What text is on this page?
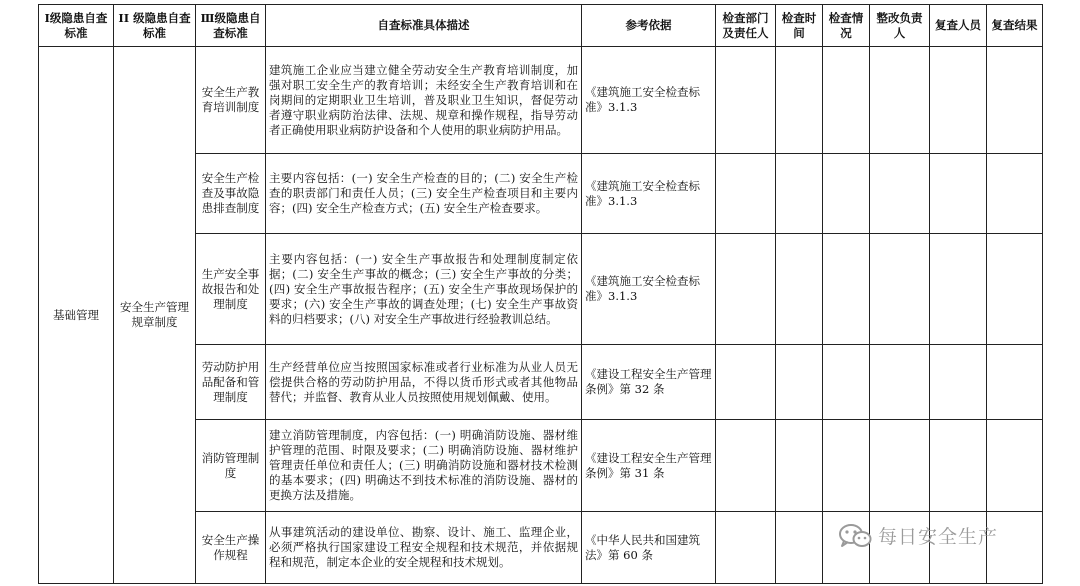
Ⅰ级隐患自查标准	II 级隐患自查标准	Ⅲ级隐患自查标准	自查标准具体描述	参考依据	检查部门及责任人	检查时间	检查情况	整改负责人	复查人员	复查结果
基础管理	安全生产管理规章制度	安全生产教育培训制度	建筑施工企业应当建立健全劳动安全生产教育培训制度，加强对职工安全生产的教育培训；未经安全生产教育培训和在岗期间的定期职业卫生培训，普及职业卫生知识，督促劳动者遵守职业病防治法律、法规、规章和操作规程，指导劳动者正确使用职业病防护设备和个人使用的职业病防护用品。	《建筑施工安全检查标准》3.1.3						
		安全生产检查及事故隐患排查制度	主要内容包括：(一) 安全生产检查的目的；(二) 安全生产检查的职责部门和责任人员；(三) 安全生产检查项目和主要内容；(四) 安全生产检查方式；(五) 安全生产检查要求。	《建筑施工安全检查标准》3.1.3						
		生产安全事故报告和处理制度	主要内容包括：(一) 安全生产事故报告和处理制度制定依据；(二) 安全生产事故的概念；(三) 安全生产事故的分类；(四) 安全生产事故报告程序；(五) 安全生产事故现场保护的要求；(六) 安全生产事故的调查处理；(七) 安全生产事故资料的归档要求；(八) 对安全生产事故进行经验教训总结。	《建筑施工安全检查标准》3.1.3						
		劳动防护用品配备和管理制度	生产经营单位应当按照国家标准或者行业标准为从业人员无偿提供合格的劳动防护用品，不得以货币形式或者其他物品替代；并监督、教育从业人员按照使用规划佩戴、使用。	《建设工程安全生产管理条例》第 32 条						
		消防管理制度	建立消防管理制度，内容包括：(一) 明确消防设施、器材维护管理的范围、时限及要求；(二) 明确消防设施、器材维护管理责任单位和责任人；(三) 明确消防设施和器材技术检测的基本要求；(四) 明确达不到技术标准的消防设施、器材的更换方法及措施。	《建设工程安全生产管理条例》第 31 条						
		安全生产操作规程	从事建筑活动的建设单位、勘察、设计、施工、监理企业，必须严格执行国家建设工程安全规程和技术规范，并依据规程和规范，制定本企业的安全规程和技术规划。	《中华人民共和国建筑法》第 60 条						
每日安全生产
